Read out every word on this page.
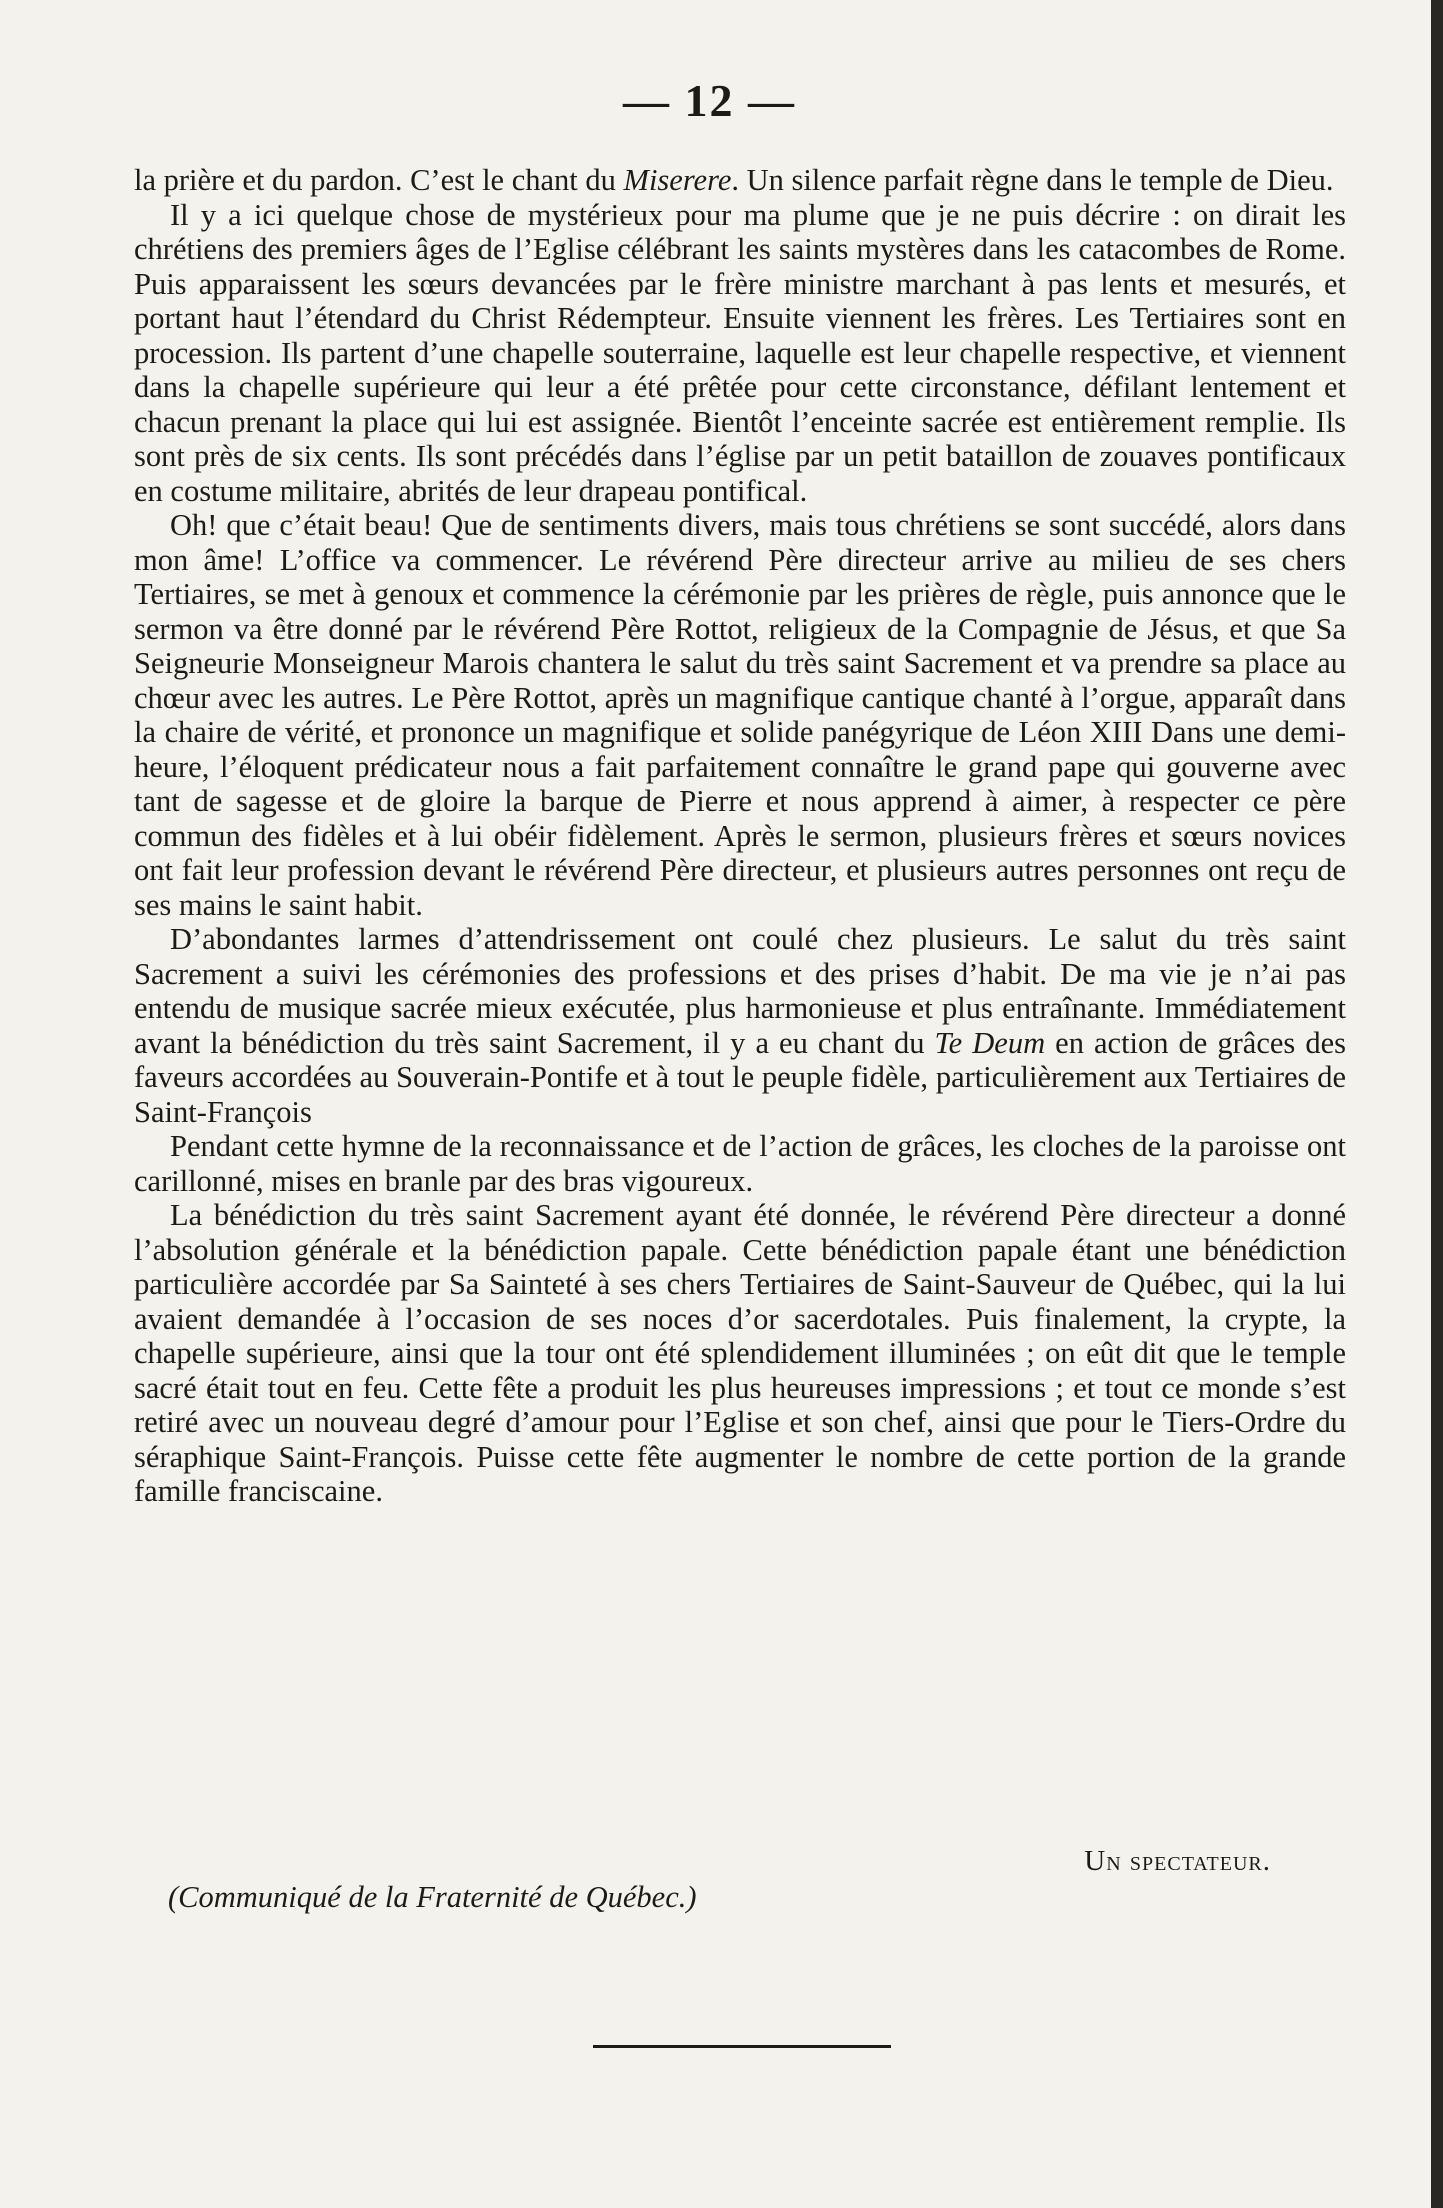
— 12 —

la prière et du pardon. C’est le chant du Miserere. Un silence parfait règne dans le temple de Dieu.

Il y a ici quelque chose de mystérieux pour ma plume que je ne puis décrire : on dirait les chrétiens des premiers âges de l’Eglise célébrant les saints mystères dans les catacombes de Rome. Puis apparaissent les sœurs devancées par le frère ministre marchant à pas lents et mesurés, et portant haut l’étendard du Christ Rédempteur. Ensuite viennent les frères. Les Tertiaires sont en procession. Ils partent d’une chapelle souterraine, laquelle est leur chapelle respective, et viennent dans la chapelle supérieure qui leur a été prêtée pour cette circonstance, défilant lentement et chacun prenant la place qui lui est assignée. Bientôt l’enceinte sacrée est entièrement remplie. Ils sont près de six cents. Ils sont précédés dans l’église par un petit bataillon de zouaves pontificaux en costume militaire, abrités de leur drapeau pontifical.

Oh! que c’était beau! Que de sentiments divers, mais tous chrétiens se sont succédé, alors dans mon âme! L’office va commencer. Le révérend Père directeur arrive au milieu de ses chers Tertiaires, se met à genoux et commence la cérémonie par les prières de règle, puis annonce que le sermon va être donné par le révérend Père Rottot, religieux de la Compagnie de Jésus, et que Sa Seigneurie Monseigneur Marois chantera le salut du très saint Sacrement et va prendre sa place au chœur avec les autres. Le Père Rottot, après un magnifique cantique chanté à l’orgue, apparaît dans la chaire de vérité, et prononce un magnifique et solide panégyrique de Léon XIII Dans une demi-heure, l’éloquent prédicateur nous a fait parfaitement connaître le grand pape qui gouverne avec tant de sagesse et de gloire la barque de Pierre et nous apprend à aimer, à respecter ce père commun des fidèles et à lui obéir fidèlement. Après le sermon, plusieurs frères et sœurs novices ont fait leur profession devant le révérend Père directeur, et plusieurs autres personnes ont reçu de ses mains le saint habit.

D’abondantes larmes d’attendrissement ont coulé chez plusieurs. Le salut du très saint Sacrement a suivi les cérémonies des professions et des prises d’habit. De ma vie je n’ai pas entendu de musique sacrée mieux exécutée, plus harmonieuse et plus entraînante. Immédiatement avant la bénédiction du très saint Sacrement, il y a eu chant du Te Deum en action de grâces des faveurs accordées au Souverain-Pontife et à tout le peuple fidèle, particulièrement aux Tertiaires de Saint-François

Pendant cette hymne de la reconnaissance et de l’action de grâces, les cloches de la paroisse ont carillonné, mises en branle par des bras vigoureux.

La bénédiction du très saint Sacrement ayant été donnée, le révérend Père directeur a donné l’absolution générale et la bénédiction papale. Cette bénédiction papale étant une bénédiction particulière accordée par Sa Sainteté à ses chers Tertiaires de Saint-Sauveur de Québec, qui la lui avaient demandée à l’occasion de ses noces d’or sacerdotales. Puis finalement, la crypte, la chapelle supérieure, ainsi que la tour ont été splendidement illuminées ; on eût dit que le temple sacré était tout en feu. Cette fête a produit les plus heureuses impressions ; et tout ce monde s’est retiré avec un nouveau degré d’amour pour l’Eglise et son chef, ainsi que pour le Tiers-Ordre du séraphique Saint-François. Puisse cette fête augmenter le nombre de cette portion de la grande famille franciscaine.

Un spectateur.
(Communiqué de la Fraternité de Québec.)
